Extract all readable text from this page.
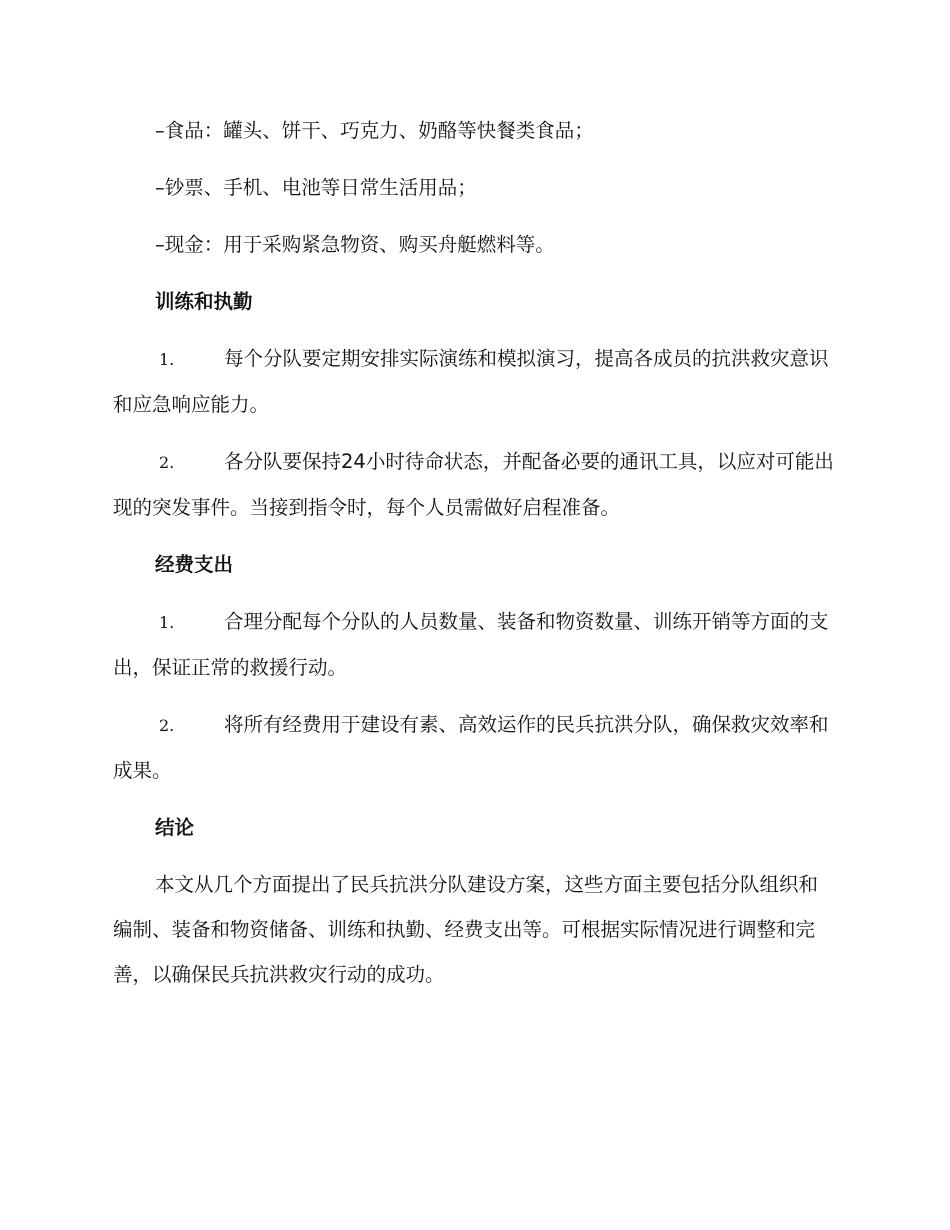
–食品：罐头、饼干、巧克力、奶酪等快餐类食品；

–钞票、手机、电池等日常生活用品；

–现金：用于采购紧急物资、购买舟艇燃料等。

训练和执勤

1.	每个分队要定期安排实际演练和模拟演习，提高各成员的抗洪救灾意识和应急响应能力。

2.	各分队要保持24小时待命状态，并配备必要的通讯工具，以应对可能出现的突发事件。当接到指令时，每个人员需做好启程准备。

经费支出

1.	合理分配每个分队的人员数量、装备和物资数量、训练开销等方面的支出，保证正常的救援行动。

2.	将所有经费用于建设有素、高效运作的民兵抗洪分队，确保救灾效率和成果。

结论

本文从几个方面提出了民兵抗洪分队建设方案，这些方面主要包括分队组织和编制、装备和物资储备、训练和执勤、经费支出等。可根据实际情况进行调整和完善，以确保民兵抗洪救灾行动的成功。
